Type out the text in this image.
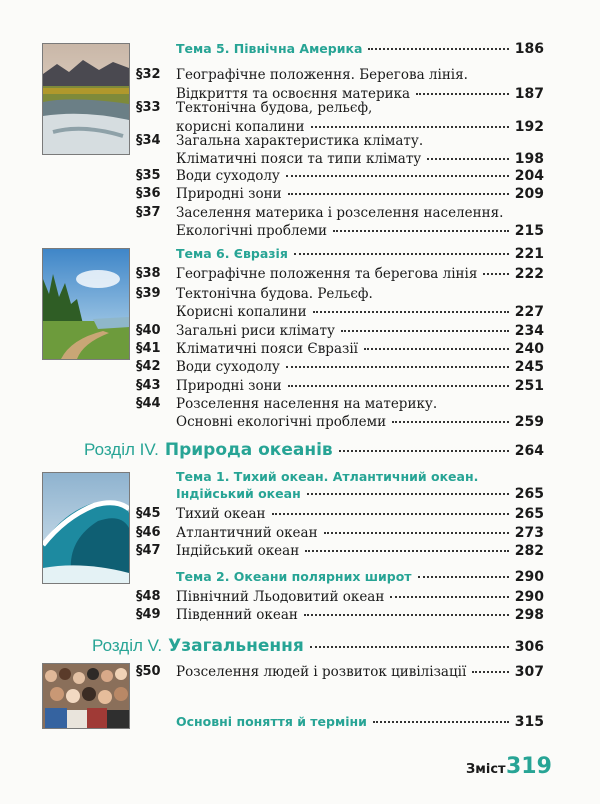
Тема 5. Північна Америка	186
§32 Географічне положення. Берегова лінія.
Відкриття та освоєння материка	187
§33 Тектонічна будова, рельєф,
корисні копалини	192
§34 Загальна характеристика клімату.
Кліматичні пояси та типи клімату	198
§35 Води суходолу	204
§36 Природні зони	209
§37 Заселення материка і розселення населення.
Екологічні проблеми	215
Тема 6. Євразія	221
§38 Географічне положення та берегова лінія	222
§39 Тектонічна будова. Рельєф.
Корисні копалини	227
§40 Загальні риси клімату	234
§41 Кліматичні пояси Євразії	240
§42 Води суходолу	245
§43 Природні зони	251
§44 Розселення населення на материку.
Основні екологічні проблеми	259
Розділ IV. Природа океанів	264
Тема 1. Тихий океан. Атлантичний океан.
Індійський океан	265
§45 Тихий океан	265
§46 Атлантичний океан	273
§47 Індійський океан	282
Тема 2. Океани полярних широт	290
§48 Північний Льодовитий океан	290
§49 Південний океан	298
Розділ V. Узагальнення	306
§50 Розселення людей і розвиток цивілізації	307
Основні поняття й терміни	315
Зміст 319
